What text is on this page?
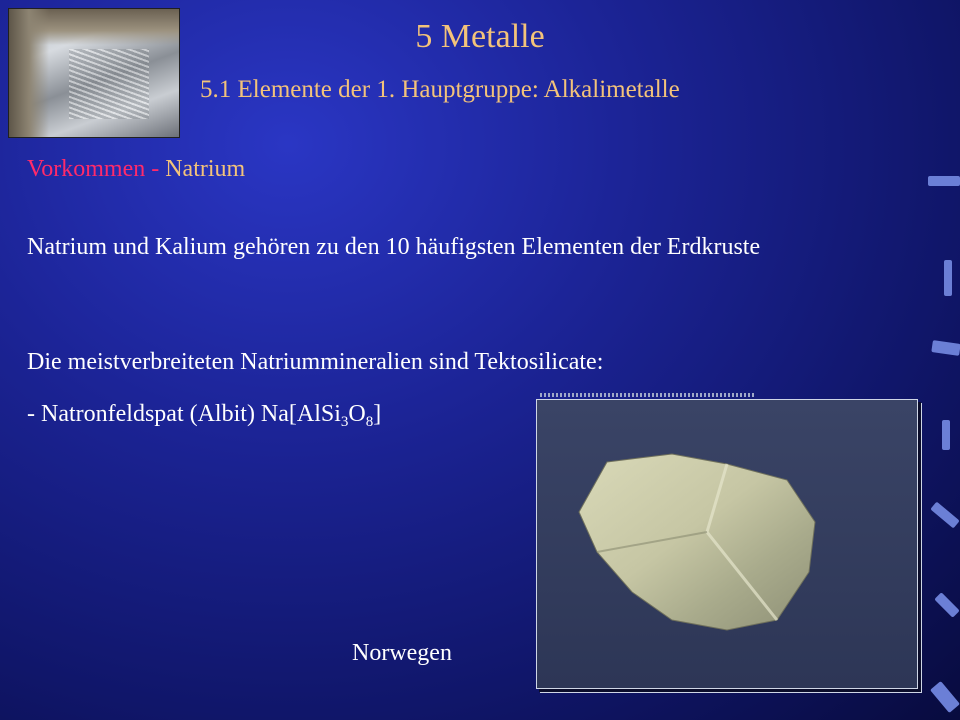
5 Metalle
5.1 Elemente der 1. Hauptgruppe: Alkalimetalle
Vorkommen - Natrium
Natrium und Kalium gehören zu den 10 häufigsten Elementen der Erdkruste
Die meistverbreiteten Natriummineralien sind Tektosilicate:
- Natronfeldspat (Albit) $Na[AlSi_3O_8]$
Norwegen
